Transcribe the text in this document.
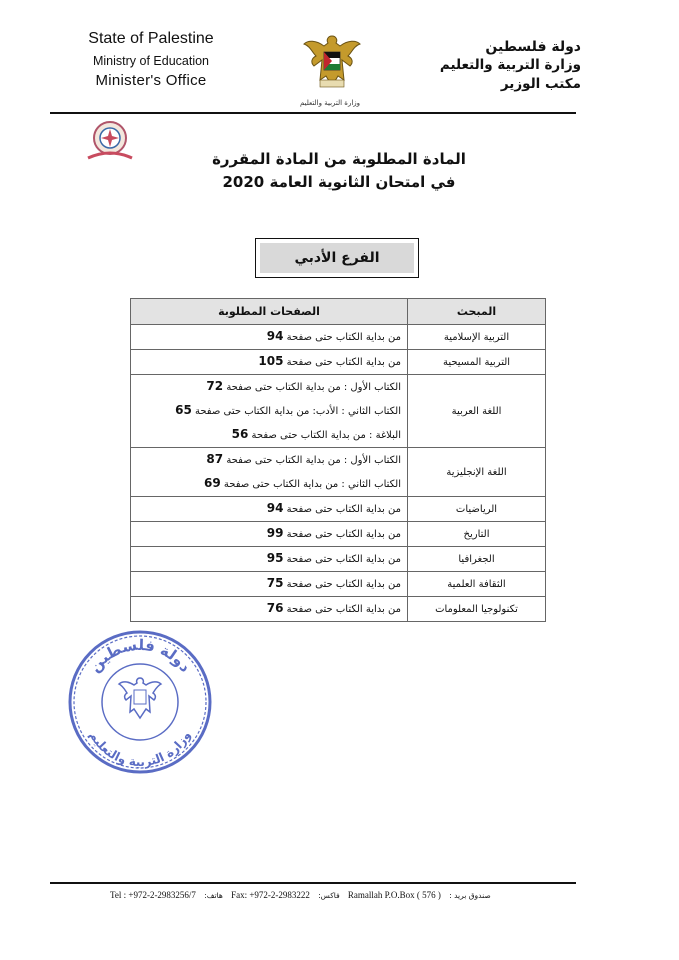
State of Palestine
Ministry of Education
Minister's Office
وزارة التربية والتعليم
دولة فلسطين
وزارة التربية والتعليم
مكتب الوزير
المادة المطلوبة من المادة المقررة
في امتحان الثانوية العامة 2020
الفرع الأدبي
المبحث	الصفحات المطلوبة
التربية الإسلامية	من بداية الكتاب حتى صفحة 94

التربية المسيحية	من بداية الكتاب حتى صفحة 105

اللغة العربية	الكتاب الأول : من بداية الكتاب حتى صفحة 72
الكتاب الثاني : الأدب: من بداية الكتاب حتى صفحة 65
البلاغة : من بداية الكتاب حتى صفحة 56

اللغة الإنجليزية	الكتاب الأول : من بداية الكتاب حتى صفحة 87
الكتاب الثاني : من بداية الكتاب حتى صفحة 69

الرياضيات	من بداية الكتاب حتى صفحة 94

التاريخ	من بداية الكتاب حتى صفحة 99

الجغرافيا	من بداية الكتاب حتى صفحة 95

الثقافة العلمية	من بداية الكتاب حتى صفحة 75

تكنولوجيا المعلومات	من بداية الكتاب حتى صفحة 76
دولة فلسطين
وزارة التربية والتعليم
Tel : +972-2-2983256/7 هاتف: Fax: +972-2-2983222 فاكس: Ramallah P.O.Box ( 576 ) صندوق بريد :
